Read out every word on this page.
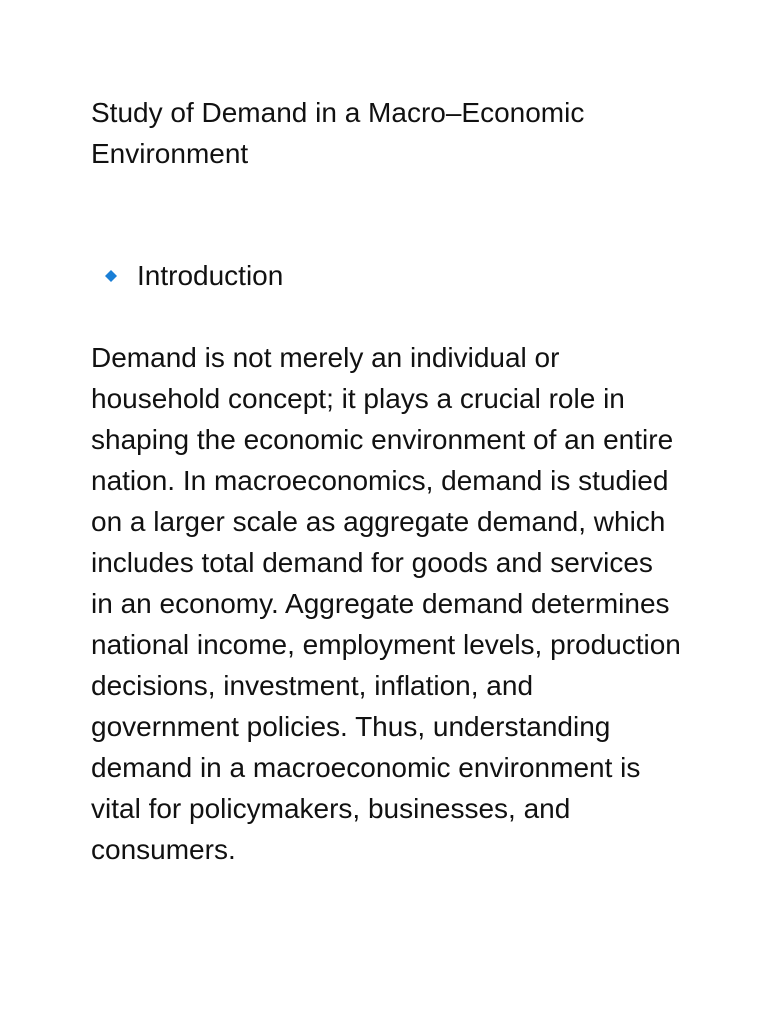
Study of Demand in a Macro–Economic Environment
Introduction

Demand is not merely an individual or household concept; it plays a crucial role in shaping the economic environment of an entire nation. In macroeconomics, demand is studied on a larger scale as aggregate demand, which includes total demand for goods and services in an economy. Aggregate demand determines national income, employment levels, production decisions, investment, inflation, and government policies. Thus, understanding demand in a macroeconomic environment is vital for policymakers, businesses, and consumers.
